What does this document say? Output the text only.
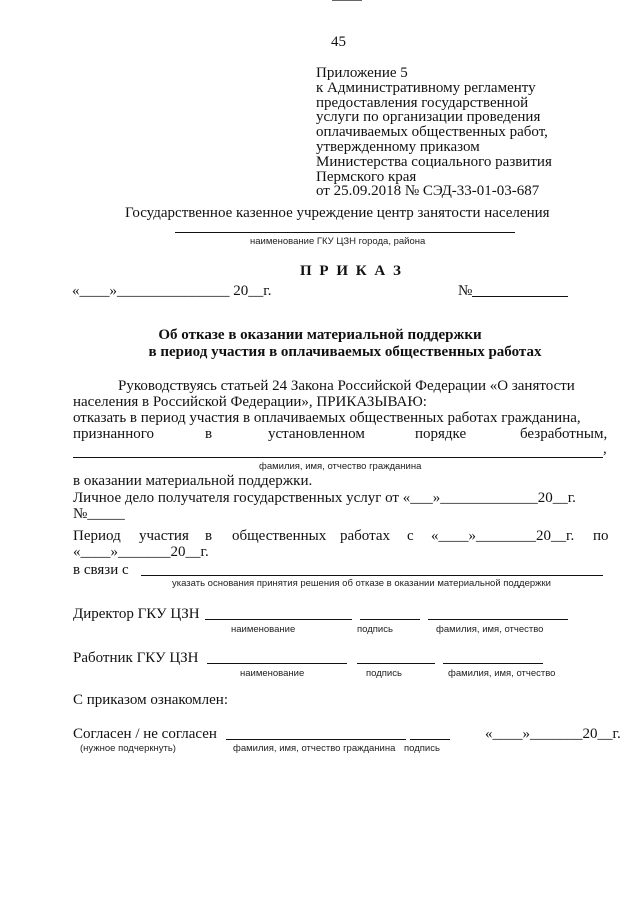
45
Приложение 5
к Административному регламенту
предоставления государственной
услуги по организации проведения
оплачиваемых общественных работ,
утвержденному приказом
Министерства социального развития
Пермского края
от 25.09.2018 № СЭД-33-01-03-687
Государственное казенное учреждение центр занятости населения
наименование ГКУ ЦЗН города, района
П Р И К А З
«____»_______________ 20__г.	№
Об отказе в оказании материальной поддержки
в период участия в оплачиваемых общественных работах
Руководствуясь статьей 24 Закона Российской Федерации «О занятости
населения в Российской Федерации», ПРИКАЗЫВАЮ:
отказать в период участия в оплачиваемых общественных работах гражданина,
признанного	в	установленном	порядке	безработным,
,
фамилия, имя, отчество гражданина
в оказании материальной поддержки.
Личное дело получателя государственных услуг от «___»_____________20__г.
№_____
Период участия в общественных работах с «____»________20__г. по
«____»_______20__г.
в связи с
указать основания принятия решения об отказе в оказании материальной поддержки
Директор ГКУ ЦЗН
наименование	подпись	фамилия, имя, отчество
Работник ГКУ ЦЗН
наименование	подпись	фамилия, имя, отчество
С приказом ознакомлен:
Согласен / не согласен	«____»_______20__г.
(нужное подчеркнуть)	фамилия, имя, отчество гражданина подпись
